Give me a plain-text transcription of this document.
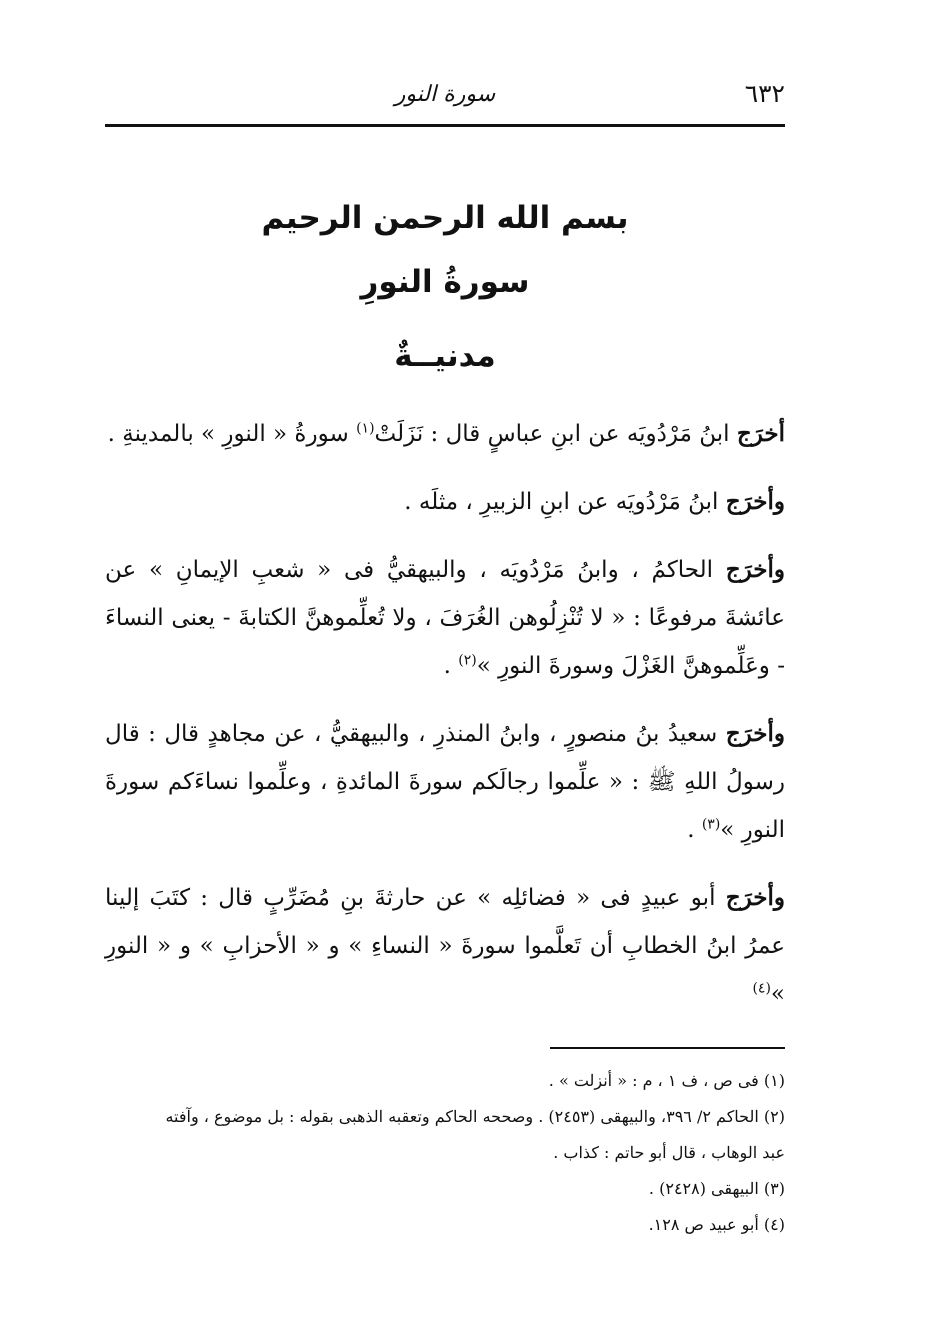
٦٣٢
سورة النور
بسم الله الرحمن الرحيم
سورةُ النورِ
مدنيــةٌ

أخرَج ابنُ مَرْدُويَه عن ابنِ عباسٍ قال : نَزَلَتْ$^{(١)}$ سورةُ « النورِ » بالمدينةِ .

وأخرَج ابنُ مَرْدُويَه عن ابنِ الزبيرِ ، مثلَه .

وأخرَج الحاكمُ ، وابنُ مَرْدُويَه ، والبيهقيُّ فى « شعبِ الإيمانِ » عن عائشةَ مرفوعًا : « لا تُنْزِلُوهن الغُرَفَ ، ولا تُعلِّموهنَّ الكتابةَ - يعنى النساءَ - وعَلِّموهنَّ الغَزْلَ وسورةَ النورِ »$^{(٢)}$ .

وأخرَج سعيدُ بنُ منصورٍ ، وابنُ المنذرِ ، والبيهقيُّ ، عن مجاهدٍ قال : قال رسولُ اللهِ ﷺ : « علِّموا رجالَكم سورةَ المائدةِ ، وعلِّموا نساءَكم سورةَ النورِ »$^{(٣)}$ .

وأخرَج أبو عبيدٍ فى « فضائلِه » عن حارثةَ بنِ مُضَرِّبٍ قال : كتَبَ إلينا عمرُ ابنُ الخطابِ أن تَعلَّموا سورةَ « النساءِ » و « الأحزابِ » و « النورِ »$^{(٤)}$

(١) فى ص ، ف ١ ، م : « أنزلت » .

(٢) الحاكم ٢/ ٣٩٦، والبيهقى (٢٤٥٣) . وصححه الحاكم وتعقبه الذهبى بقوله : بل موضوع ، وآفته

عبد الوهاب ، قال أبو حاتم : كذاب .

(٣) البيهقى (٢٤٢٨) .

(٤) أبو عبيد ص ١٢٨.
